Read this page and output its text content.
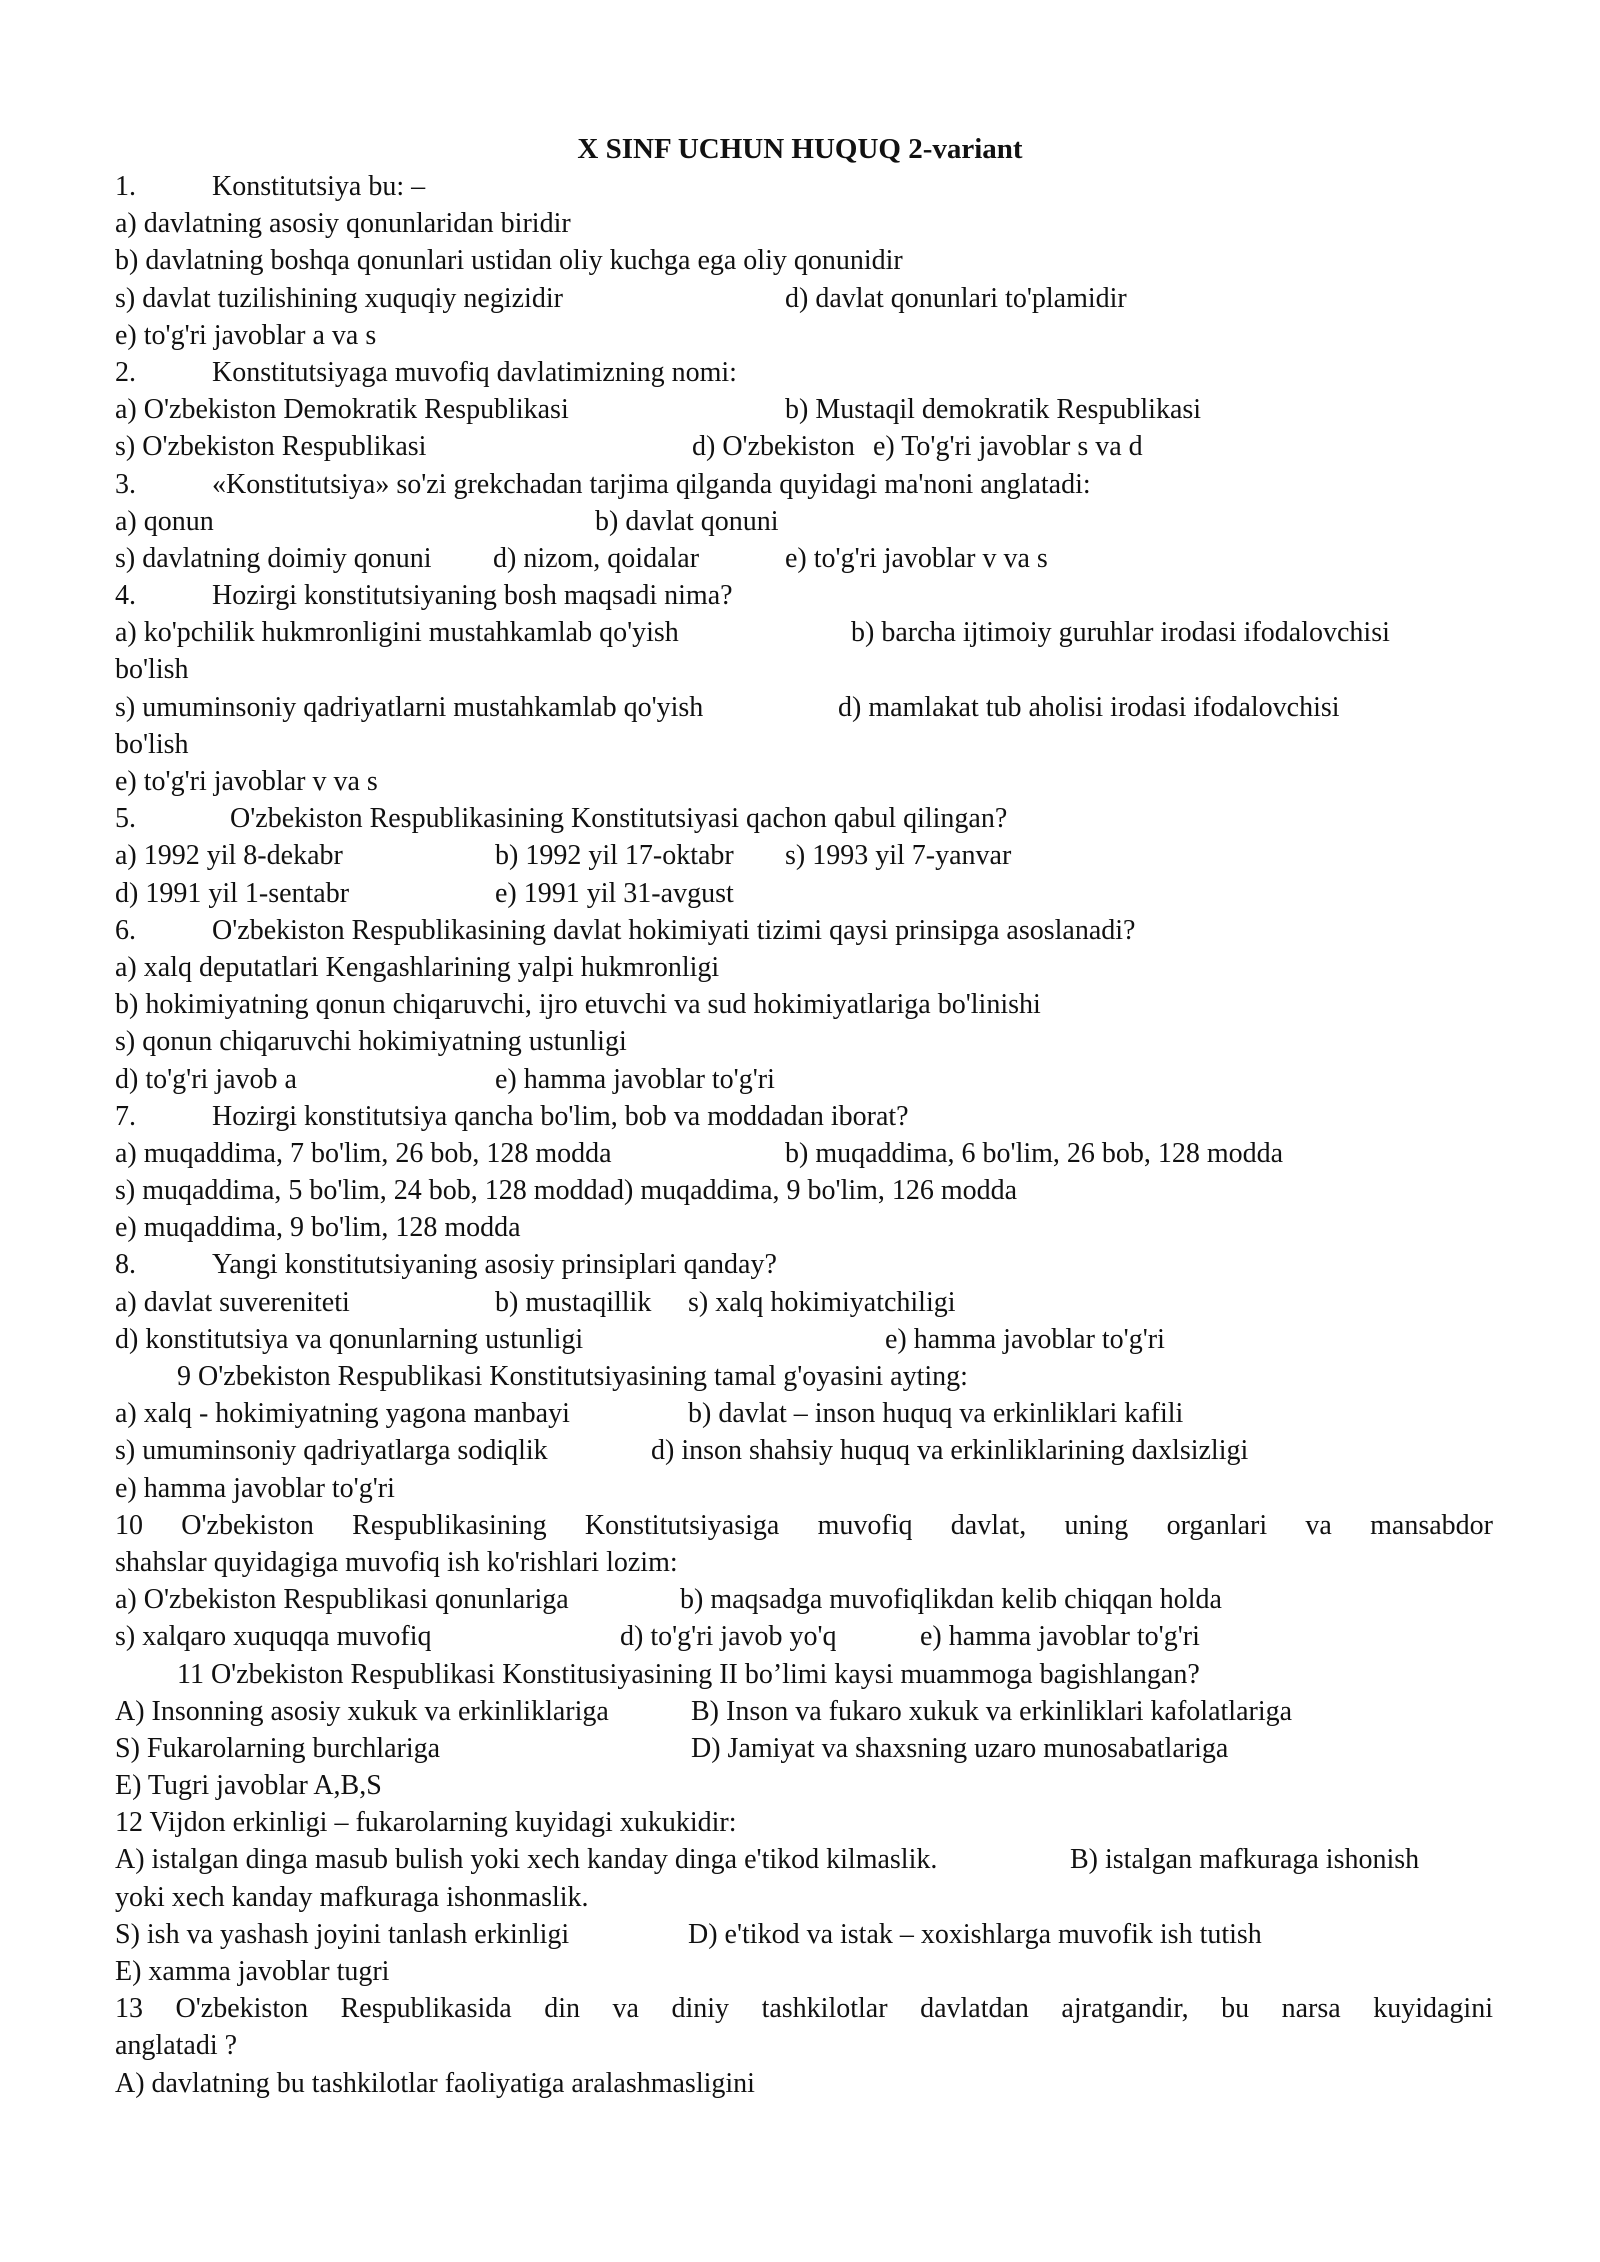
X SINF UCHUN HUQUQ 2-variant
1.	Konstitutsiya bu: –
a) davlatning asosiy qonunlaridan biridir
b) davlatning boshqa qonunlari ustidan oliy kuchga ega oliy qonunidir
s) davlat tuzilishining xuquqiy negizidir	d) davlat qonunlari to'plamidir
e) to'g'ri javoblar a va s
2.	Konstitutsiyaga muvofiq davlatimizning nomi:
a) O'zbekiston Demokratik Respublikasi	b) Mustaqil demokratik Respublikasi
s) O'zbekiston Respublikasi	d) O'zbekiston e) To'g'ri javoblar s va d
3.	«Konstitutsiya» so'zi grekchadan tarjima qilganda quyidagi ma'noni anglatadi:
a) qonun	b) davlat qonuni
s) davlatning doimiy qonuni d) nizom, qoidalar	e) to'g'ri javoblar v va s
4.	Hozirgi konstitutsiyaning bosh maqsadi nima?
a) ko'pchilik hukmronligini mustahkamlab qo'yish	b) barcha ijtimoiy guruhlar irodasi ifodalovchisi
bo'lish
s) umuminsoniy qadriyatlarni mustahkamlab qo'yish	d) mamlakat tub aholisi irodasi ifodalovchisi
bo'lish
e) to'g'ri javoblar v va s
5.	O'zbekiston Respublikasining Konstitutsiyasi qachon qabul qilingan?
a) 1992 yil 8-dekabr	b) 1992 yil 17-oktabr s) 1993 yil 7-yanvar
d) 1991 yil 1-sentabr	e) 1991 yil 31-avgust
6.	O'zbekiston Respublikasining davlat hokimiyati tizimi qaysi prinsipga asoslanadi?
a) xalq deputatlari Kengashlarining yalpi hukmronligi
b) hokimiyatning qonun chiqaruvchi, ijro etuvchi va sud hokimiyatlariga bo'linishi
s) qonun chiqaruvchi hokimiyatning ustunligi
d) to'g'ri javob a	e) hamma javoblar to'g'ri
7.	Hozirgi konstitutsiya qancha bo'lim, bob va moddadan iborat?
a) muqaddima, 7 bo'lim, 26 bob, 128 modda	b) muqaddima, 6 bo'lim, 26 bob, 128 modda
s) muqaddima, 5 bo'lim, 24 bob, 128 moddad) muqaddima, 9 bo'lim, 126 modda
e) muqaddima, 9 bo'lim, 128 modda
8.	Yangi konstitutsiyaning asosiy prinsiplari qanday?
a) davlat suvereniteti	b) mustaqillik s) xalq hokimiyatchiligi
d) konstitutsiya va qonunlarning ustunligi	e) hamma javoblar to'g'ri
9 O'zbekiston Respublikasi Konstitutsiyasining tamal g'oyasini ayting:
a) xalq - hokimiyatning yagona manbayi	b) davlat – inson huquq va erkinliklari kafili
s) umuminsoniy qadriyatlarga sodiqlik	d) inson shahsiy huquq va erkinliklarining daxlsizligi
e) hamma javoblar to'g'ri
10 O'zbekiston Respublikasining Konstitutsiyasiga muvofiq davlat, uning organlari va mansabdor
shahslar quyidagiga muvofiq ish ko'rishlari lozim:
a) O'zbekiston Respublikasi qonunlariga	b) maqsadga muvofiqlikdan kelib chiqqan holda
s) xalqaro xuquqqa muvofiq	d) to'g'ri javob yo'q	e) hamma javoblar to'g'ri
11 O'zbekiston Respublikasi Konstitusiyasining II bo’limi kaysi muammoga bagishlangan?
A) Insonning asosiy xukuk va erkinliklariga	B) Inson va fukaro xukuk va erkinliklari kafolatlariga
S) Fukarolarning burchlariga	D) Jamiyat va shaxsning uzaro munosabatlariga
E) Tugri javoblar A,B,S
12 Vijdon erkinligi – fukarolarning kuyidagi xukukidir:
A) istalgan dinga masub bulish yoki xech kanday dinga e'tikod kilmaslik.	B) istalgan mafkuraga ishonish
yoki xech kanday mafkuraga ishonmaslik.
S) ish va yashash joyini tanlash erkinligi	D) e'tikod va istak – xoxishlarga muvofik ish tutish
E) xamma javoblar tugri
13 O'zbekiston Respublikasida din va diniy tashkilotlar davlatdan ajratgandir, bu narsa kuyidagini
anglatadi ?
A) davlatning bu tashkilotlar faoliyatiga aralashmasligini
